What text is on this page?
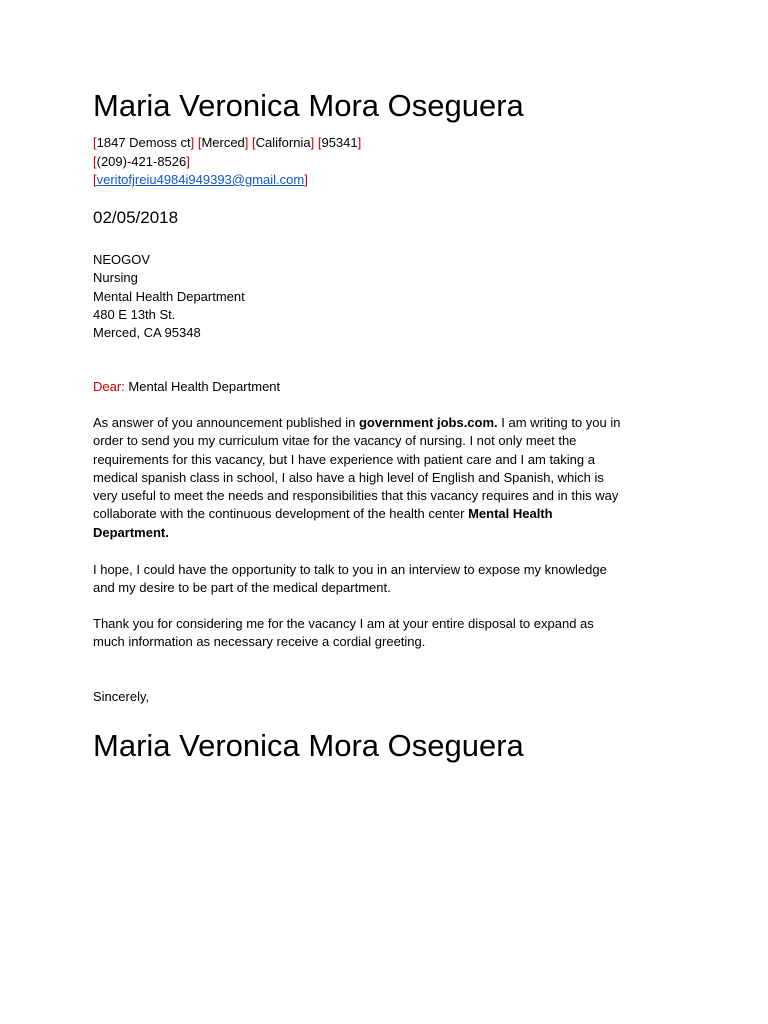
Maria Veronica Mora Oseguera
[1847 Demoss ct] [Merced] [California] [95341]
[(209)-421-8526]
[veritofjreiu4984i949393@gmail.com]
02/05/2018
NEOGOV
Nursing
Mental Health Department
480 E 13th St.
Merced, CA 95348
Dear: Mental Health Department
As answer of you announcement published in government jobs.com. I am writing to you in
order to send you my curriculum vitae for the vacancy of nursing. I not only meet the
requirements for this vacancy, but I have experience with patient care and I am taking a
medical spanish class in school, I also have a high level of English and Spanish, which is
very useful to meet the needs and responsibilities that this vacancy requires and in this way
collaborate with the continuous development of the health center Mental Health
Department.
I hope, I could have the opportunity to talk to you in an interview to expose my knowledge
and my desire to be part of the medical department.
Thank you for considering me for the vacancy I am at your entire disposal to expand as
much information as necessary receive a cordial greeting.
Sincerely,
Maria Veronica Mora Oseguera
